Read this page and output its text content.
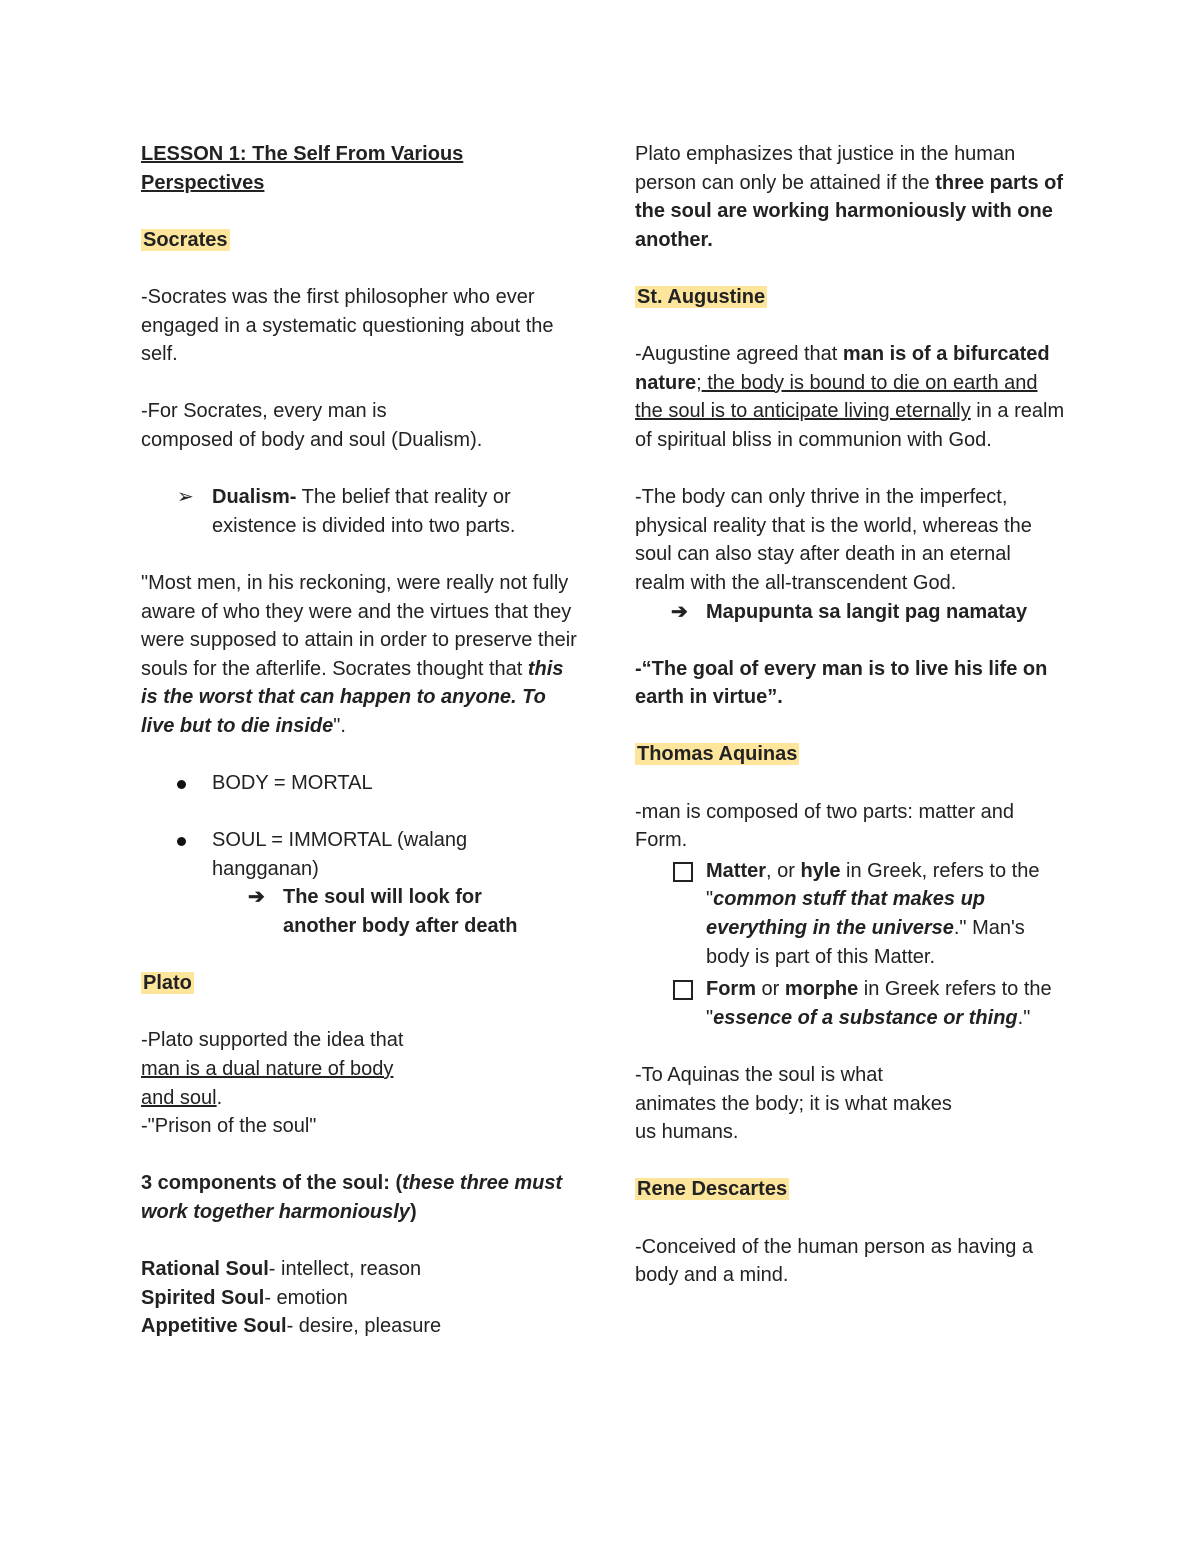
LESSON 1: The Self From Various Perspectives

Socrates

-Socrates was the first philosopher who ever engaged in a systematic questioning about the self.

-For Socrates, every man is
composed of body and soul (Dualism).

➢ Dualism- The belief that reality or existence is divided into two parts.

"Most men, in his reckoning, were really not fully aware of who they were and the virtues that they were supposed to attain in order to preserve their souls for the afterlife. Socrates thought that this is the worst that can happen to anyone. To live but to die inside".

BODY = MORTAL

SOUL = IMMORTAL (walang hangganan)

➔ The soul will look for another body after death

Plato

-Plato supported the idea that
man is a dual nature of body
and soul.

-"Prison of the soul"

3 components of the soul: (these three must work together harmoniously)

Rational Soul- intellect, reason

Spirited Soul- emotion

Appetitive Soul- desire, pleasure

Plato emphasizes that justice in the human person can only be attained if the three parts of the soul are working harmoniously with one another.

St. Augustine

-Augustine agreed that man is of a bifurcated nature; the body is bound to die on earth and the soul is to anticipate living eternally in a realm of spiritual bliss in communion with God.

-The body can only thrive in the imperfect, physical reality that is the world, whereas the soul can also stay after death in an eternal realm with the all-transcendent God.

➔ Mapupunta sa langit pag namatay

-“The goal of every man is to live his life on earth in virtue”.

Thomas Aquinas

-man is composed of two parts: matter and Form.

Matter, or hyle in Greek, refers to the "common stuff that makes up everything in the universe." Man's body is part of this Matter.

Form or morphe in Greek refers to the "essence of a substance or thing."

-To Aquinas the soul is what
animates the body; it is what makes
us humans.

Rene Descartes

-Conceived of the human person as having a body and a mind.
